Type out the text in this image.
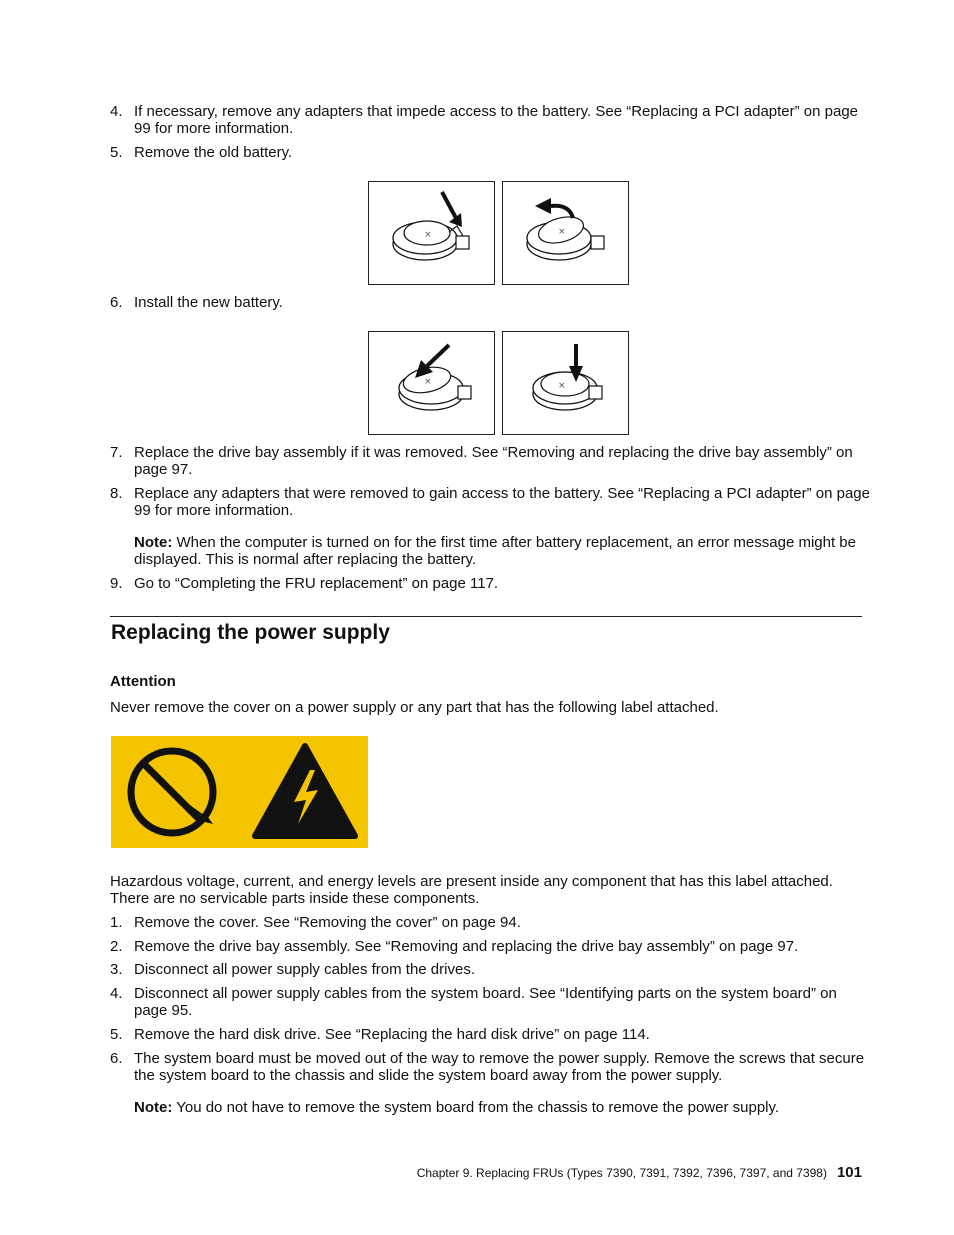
4. If necessary, remove any adapters that impede access to the battery. See “Replacing a PCI adapter” on page 99 for more information.
5. Remove the old battery.
×	×
6. Install the new battery.
×	×
7. Replace the drive bay assembly if it was removed. See “Removing and replacing the drive bay assembly” on page 97.
8. Replace any adapters that were removed to gain access to the battery. See “Replacing a PCI adapter” on page 99 for more information.
Note: When the computer is turned on for the first time after battery replacement, an error message might be displayed. This is normal after replacing the battery.
9. Go to “Completing the FRU replacement” on page 117.
Replacing the power supply
Attention
Never remove the cover on a power supply or any part that has the following label attached.
Hazardous voltage, current, and energy levels are present inside any component that has this label attached. There are no servicable parts inside these components.
1. Remove the cover. See “Removing the cover” on page 94.
2. Remove the drive bay assembly. See “Removing and replacing the drive bay assembly” on page 97.
3. Disconnect all power supply cables from the drives.
4. Disconnect all power supply cables from the system board. See “Identifying parts on the system board” on page 95.
5. Remove the hard disk drive. See “Replacing the hard disk drive” on page 114.
6. The system board must be moved out of the way to remove the power supply. Remove the screws that secure the system board to the chassis and slide the system board away from the power supply.
Note: You do not have to remove the system board from the chassis to remove the power supply.
Chapter 9. Replacing FRUs (Types 7390, 7391, 7392, 7396, 7397, and 7398) 101
